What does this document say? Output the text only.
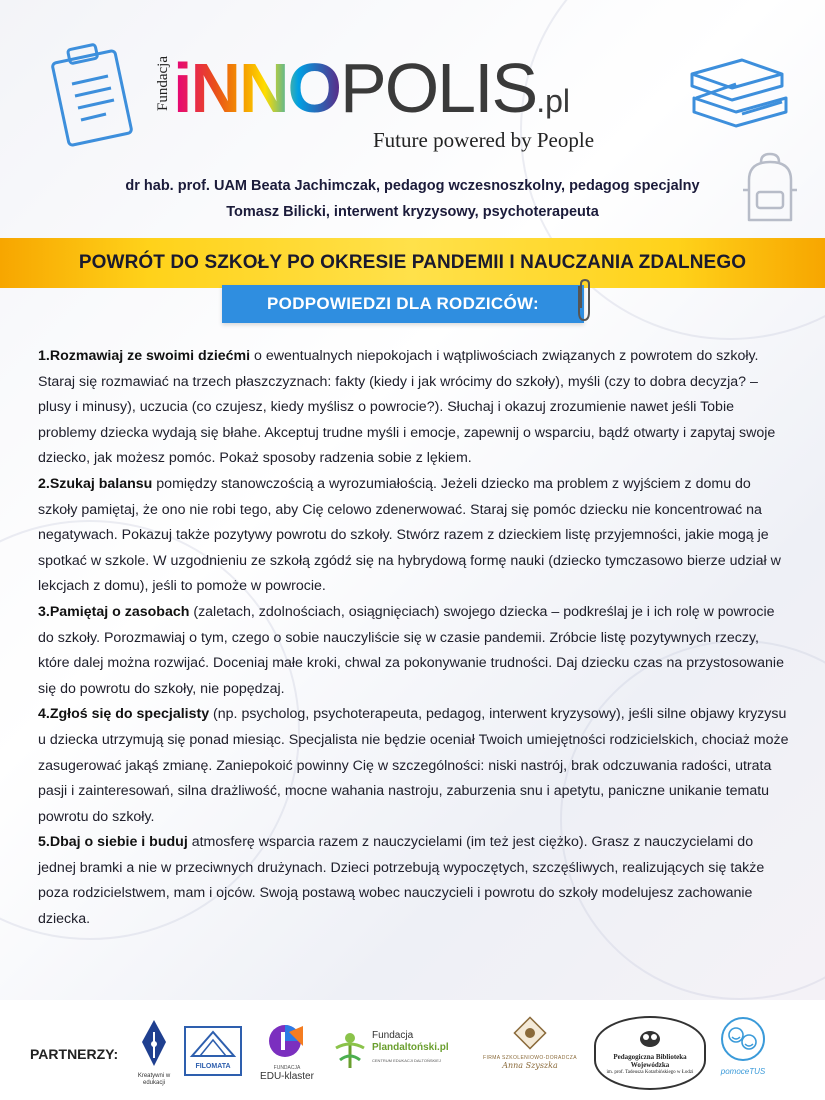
Fundacja iNNOPOLIS.pl
Future powered by People
dr hab. prof. UAM Beata Jachimczak, pedagog wczesnoszkolny, pedagog specjalny
Tomasz Bilicki, interwent kryzysowy, psychoterapeuta
POWRÓT DO SZKOŁY PO OKRESIE PANDEMII I NAUCZANIA ZDALNEGO
PODPOWIEDZI DLA RODZICÓW:

1.Rozmawiaj ze swoimi dziećmi o ewentualnych niepokojach i wątpliwościach związanych z powrotem do szkoły. Staraj się rozmawiać na trzech płaszczyznach: fakty (kiedy i jak wrócimy do szkoły), myśli (czy to dobra decyzja? – plusy i minusy), uczucia (co czujesz, kiedy myślisz o powrocie?). Słuchaj i okazuj zrozumienie nawet jeśli Tobie problemy dziecka wydają się błahe. Akceptuj trudne myśli i emocje, zapewnij o wsparciu, bądź otwarty i zapytaj swoje dziecko, jak możesz pomóc. Pokaż sposoby radzenia sobie z lękiem.

2.Szukaj balansu pomiędzy stanowczością a wyrozumiałością. Jeżeli dziecko ma problem z wyjściem z domu do szkoły pamiętaj, że ono nie robi tego, aby Cię celowo zdenerwować. Staraj się pomóc dziecku nie koncentrować na negatywach. Pokazuj także pozytywy powrotu do szkoły. Stwórz razem z dzieckiem listę przyjemności, jakie mogą je spotkać w szkole. W uzgodnieniu ze szkołą zgódź się na hybrydową formę nauki (dziecko tymczasowo bierze udział w lekcjach z domu), jeśli to pomoże w powrocie.

3.Pamiętaj o zasobach (zaletach, zdolnościach, osiągnięciach) swojego dziecka – podkreślaj je i ich rolę w powrocie do szkoły. Porozmawiaj o tym, czego o sobie nauczyliście się w czasie pandemii. Zróbcie listę pozytywnych rzeczy, które dalej można rozwijać. Doceniaj małe kroki, chwal za pokonywanie trudności. Daj dziecku czas na przystosowanie się do powrotu do szkoły, nie popędzaj.

4.Zgłoś się do specjalisty (np. psycholog, psychoterapeuta, pedagog, interwent kryzysowy), jeśli silne objawy kryzysu u dziecka utrzymują się ponad miesiąc. Specjalista nie będzie oceniał Twoich umiejętności rodzicielskich, chociaż może zasugerować jakąś zmianę. Zaniepokoić powinny Cię w szczególności: niski nastrój, brak odczuwania radości, utrata pasji i zainteresowań, silna drażliwość, mocne wahania nastroju, zaburzenia snu i apetytu, paniczne unikanie tematu powrotu do szkoły.

5.Dbaj o siebie i buduj atmosferę wsparcia razem z nauczycielami (im też jest ciężko). Grasz z nauczycielami do jednej bramki a nie w przeciwnych drużynach. Dzieci potrzebują wypoczętych, szczęśliwych, realizujących się także poza rodzicielstwem, mam i ojców. Swoją postawą wobec nauczycieli i powrotu do szkoły modelujesz zachowanie dziecka.

PARTNERZY:
Kreatywni w edukacji
FILOMATA	FUNDACJA
EDU-klaster
Fundacja
Plandaltoński.pl
CENTRUM EDUKACJI DALTOŃSKIEJ	FIRMA SZKOLENIOWO-DORADCZA
Anna Szyszka
Pedagogiczna Biblioteka Wojewódzka
im. prof. Tadeusza Kotarbińskiego w Łodzi	pomoceTUS
